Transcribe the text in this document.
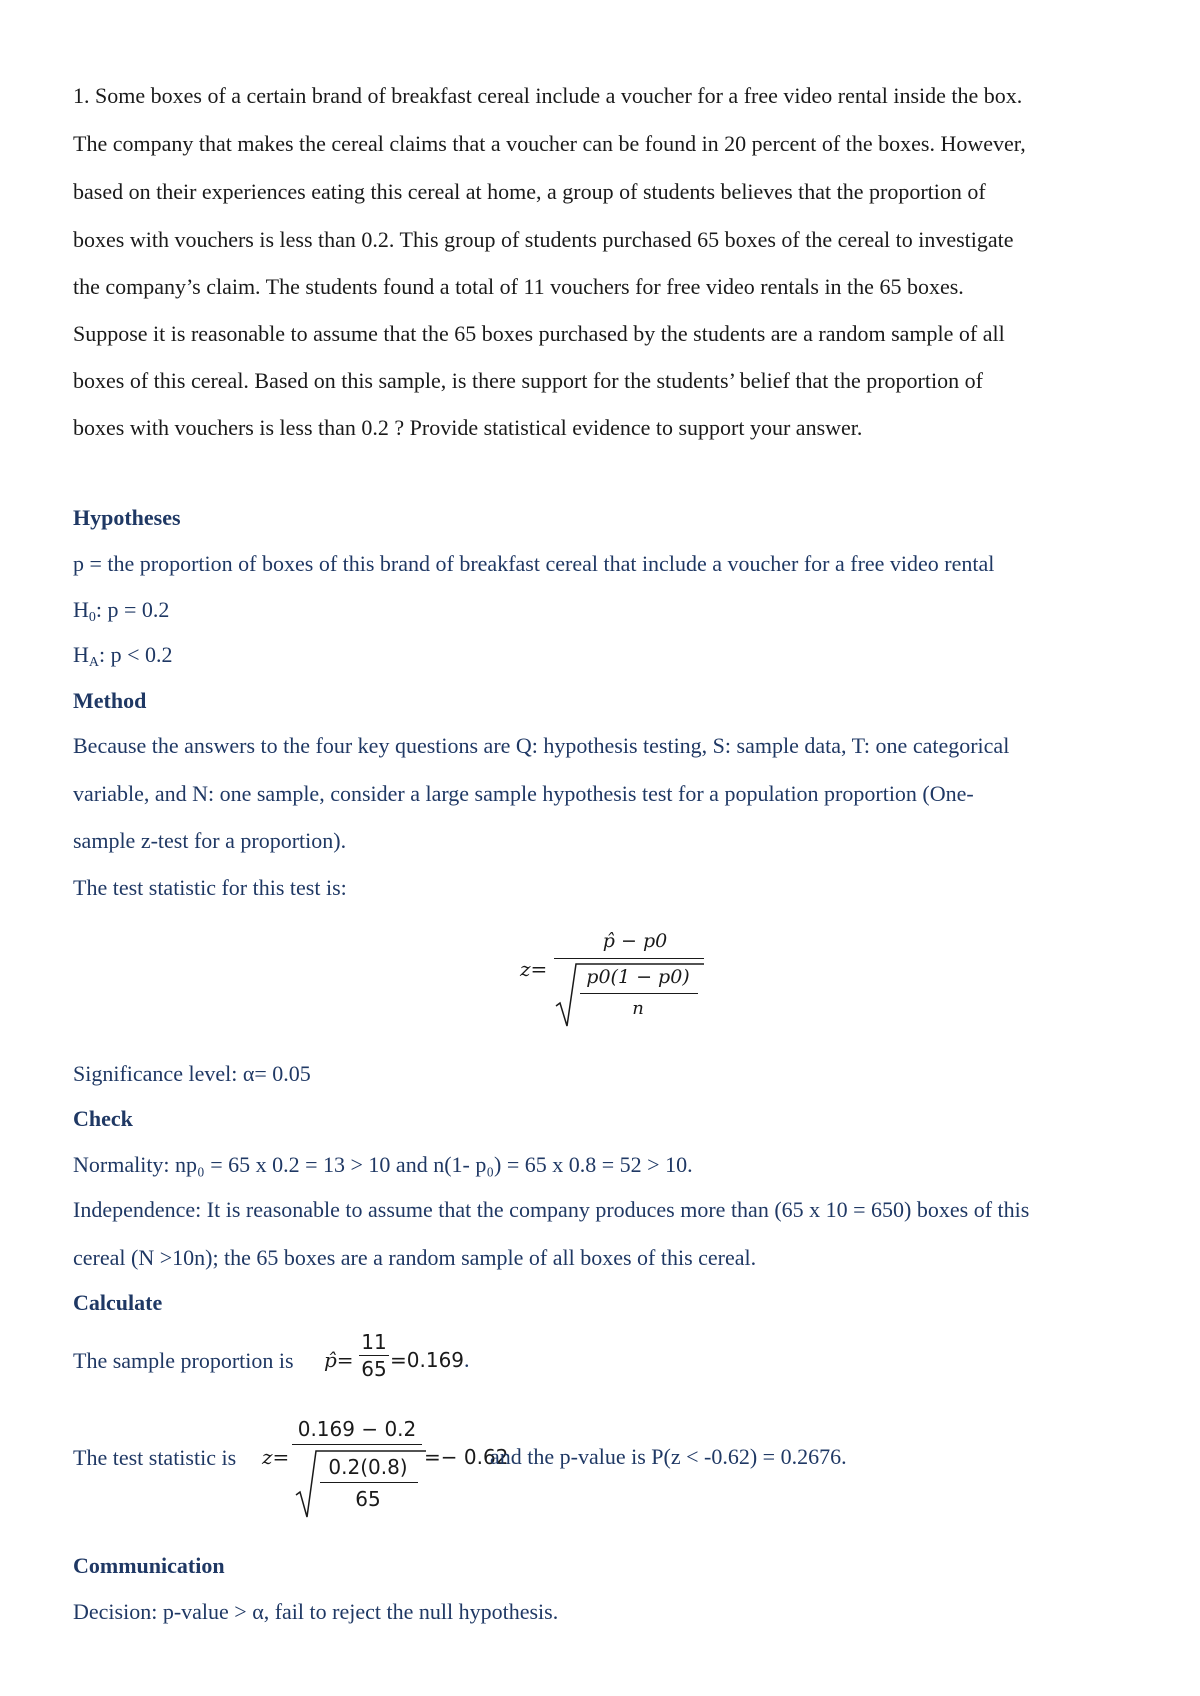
1. Some boxes of a certain brand of breakfast cereal include a voucher for a free video rental inside the box.
The company that makes the cereal claims that a voucher can be found in 20 percent of the boxes. However,
based on their experiences eating this cereal at home, a group of students believes that the proportion of
boxes with vouchers is less than 0.2. This group of students purchased 65 boxes of the cereal to investigate
the company’s claim. The students found a total of 11 vouchers for free video rentals in the 65 boxes.
Suppose it is reasonable to assume that the 65 boxes purchased by the students are a random sample of all
boxes of this cereal. Based on this sample, is there support for the students’ belief that the proportion of
boxes with vouchers is less than 0.2 ? Provide statistical evidence to support your answer.
Hypotheses
p = the proportion of boxes of this brand of breakfast cereal that include a voucher for a free video rental
$H_0$: p = 0.2
$H_A$: p < 0.2
Method
Because the answers to the four key questions are Q: hypothesis testing, S: sample data, T: one categorical
variable, and N: one sample, consider a large sample hypothesis test for a population proportion (One-
sample z-test for a proportion).
The test statistic for this test is:
z=
p̂ − p0
p0(1 − p0)
n
Significance level: α= 0.05
Check
Normality: np₀ = 65 x 0.2 = 13 > 10 and n(1- p₀) = 65 x 0.8 = 52 > 10.
Independence: It is reasonable to assume that the company produces more than (65 x 10 = 650) boxes of this
cereal (N >10n); the 65 boxes are a random sample of all boxes of this cereal.
Calculate
The sample proportion is p̂=
11
65 =0.169 .
The test statistic is z=
0.169 − 0.2
0.2(0.8)
65
=− 0.62
and the p-value is P(z < -0.62) = 0.2676.
Communication
Decision: p-value > α, fail to reject the null hypothesis.
